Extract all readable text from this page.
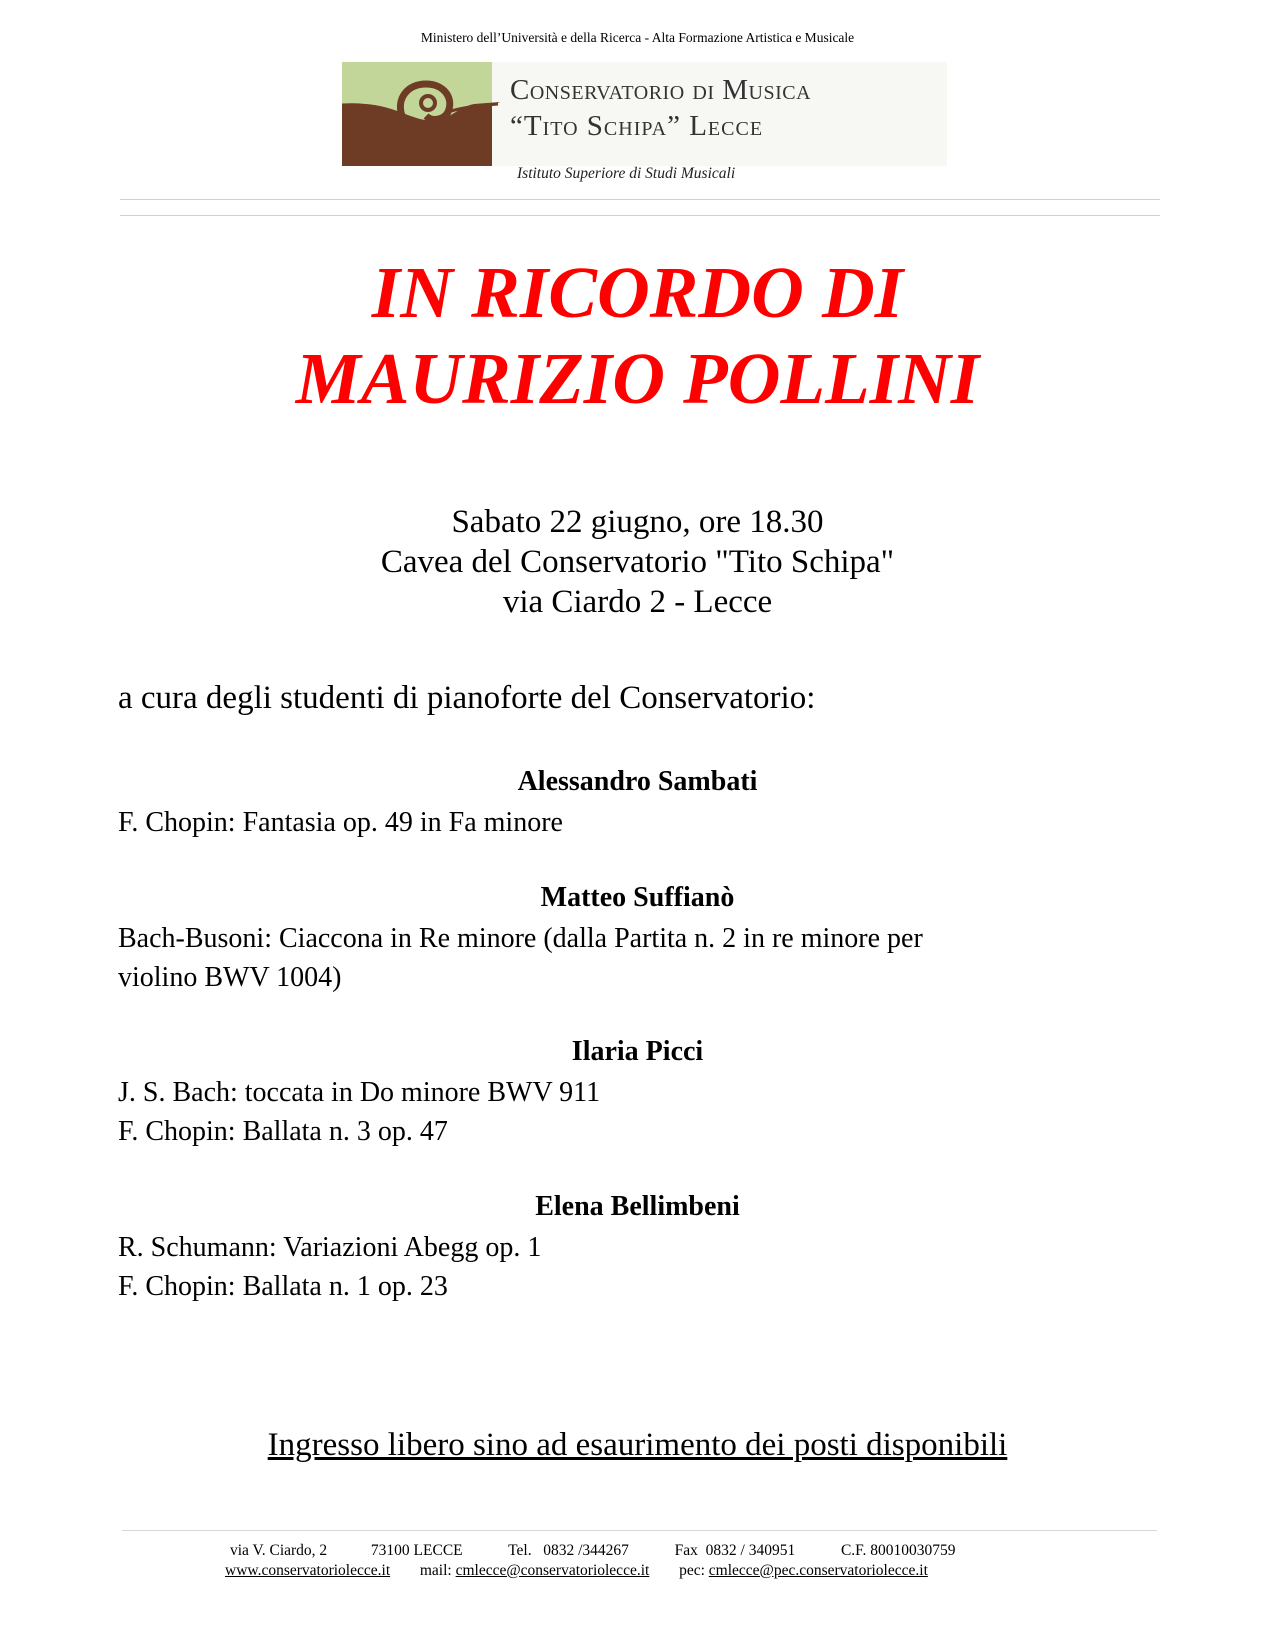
Ministero dell’Università e della Ricerca - Alta Formazione Artistica e Musicale
Conservatorio di Musica
“Tito Schipa” Lecce
Istituto Superiore di Studi Musicali
IN RICORDO DI
MAURIZIO POLLINI
Sabato 22 giugno, ore 18.30
Cavea del Conservatorio "Tito Schipa"
via Ciardo 2 - Lecce
a cura degli studenti di pianoforte del Conservatorio:
Alessandro Sambati
F. Chopin: Fantasia op. 49 in Fa minore
Matteo Suffianò
Bach-Busoni: Ciaccona in Re minore (dalla Partita n. 2 in re minore per
violino BWV 1004)
Ilaria Picci
J. S. Bach: toccata in Do minore BWV 911
F. Chopin: Ballata n. 3 op. 47
Elena Bellimbeni
R. Schumann: Variazioni Abegg op. 1
F. Chopin: Ballata n. 1 op. 23
Ingresso libero sino ad esaurimento dei posti disponibili
via V. Ciardo, 2	73100 LECCE	Tel.   0832 /344267	Fax  0832 / 340951	C.F. 80010030759
www.conservatoriolecce.it mail: cmlecce@conservatoriolecce.it pec: cmlecce@pec.conservatoriolecce.it
